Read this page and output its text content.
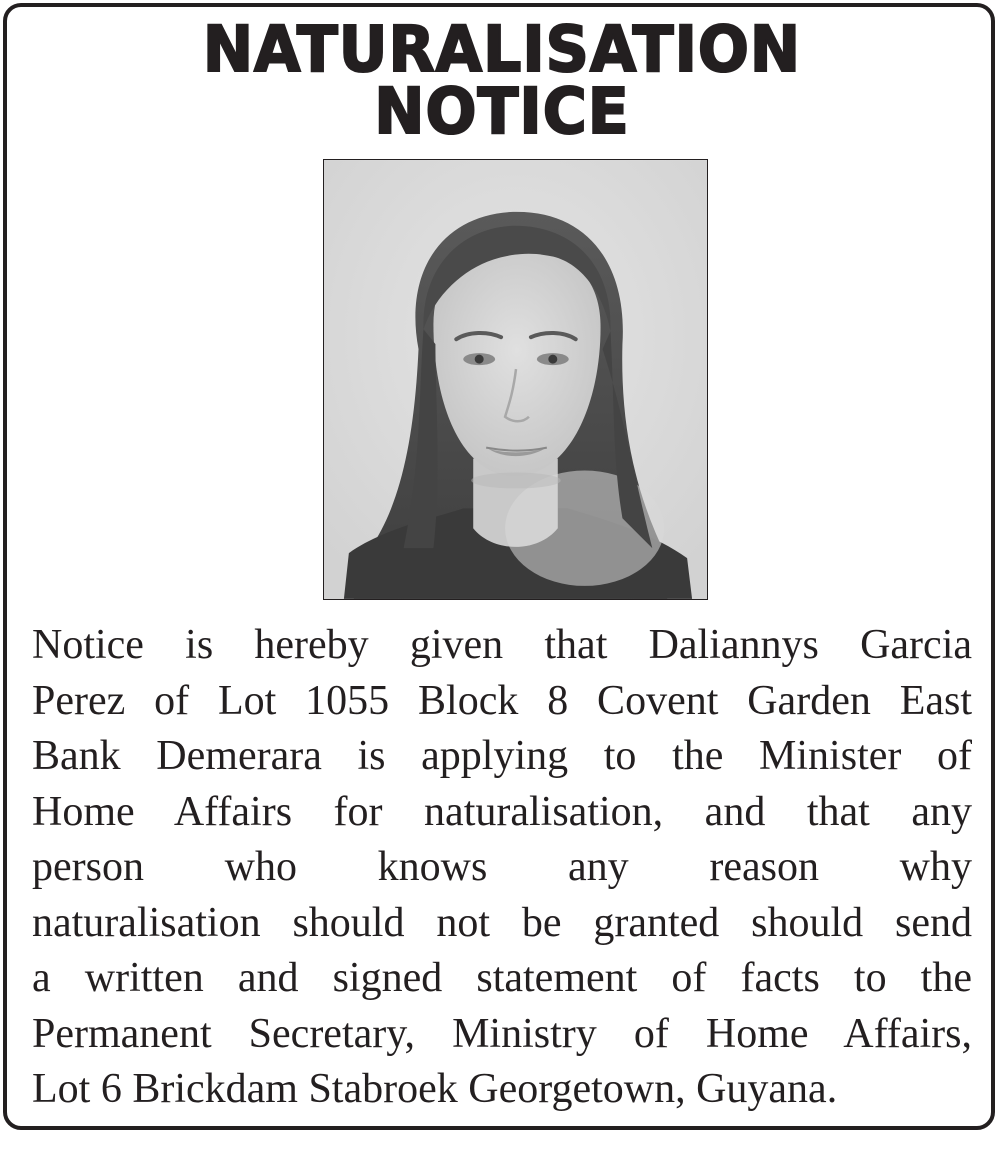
NATURALISATION
NOTICE
Notice is hereby given that Daliannys Garcia
Perez of Lot 1055 Block 8 Covent Garden East
Bank Demerara is applying to the Minister of
Home Affairs for naturalisation, and that any
person who knows any reason why
naturalisation should not be granted should send
a written and signed statement of facts to the
Permanent Secretary, Ministry of Home Affairs,
Lot 6 Brickdam Stabroek Georgetown, Guyana.
